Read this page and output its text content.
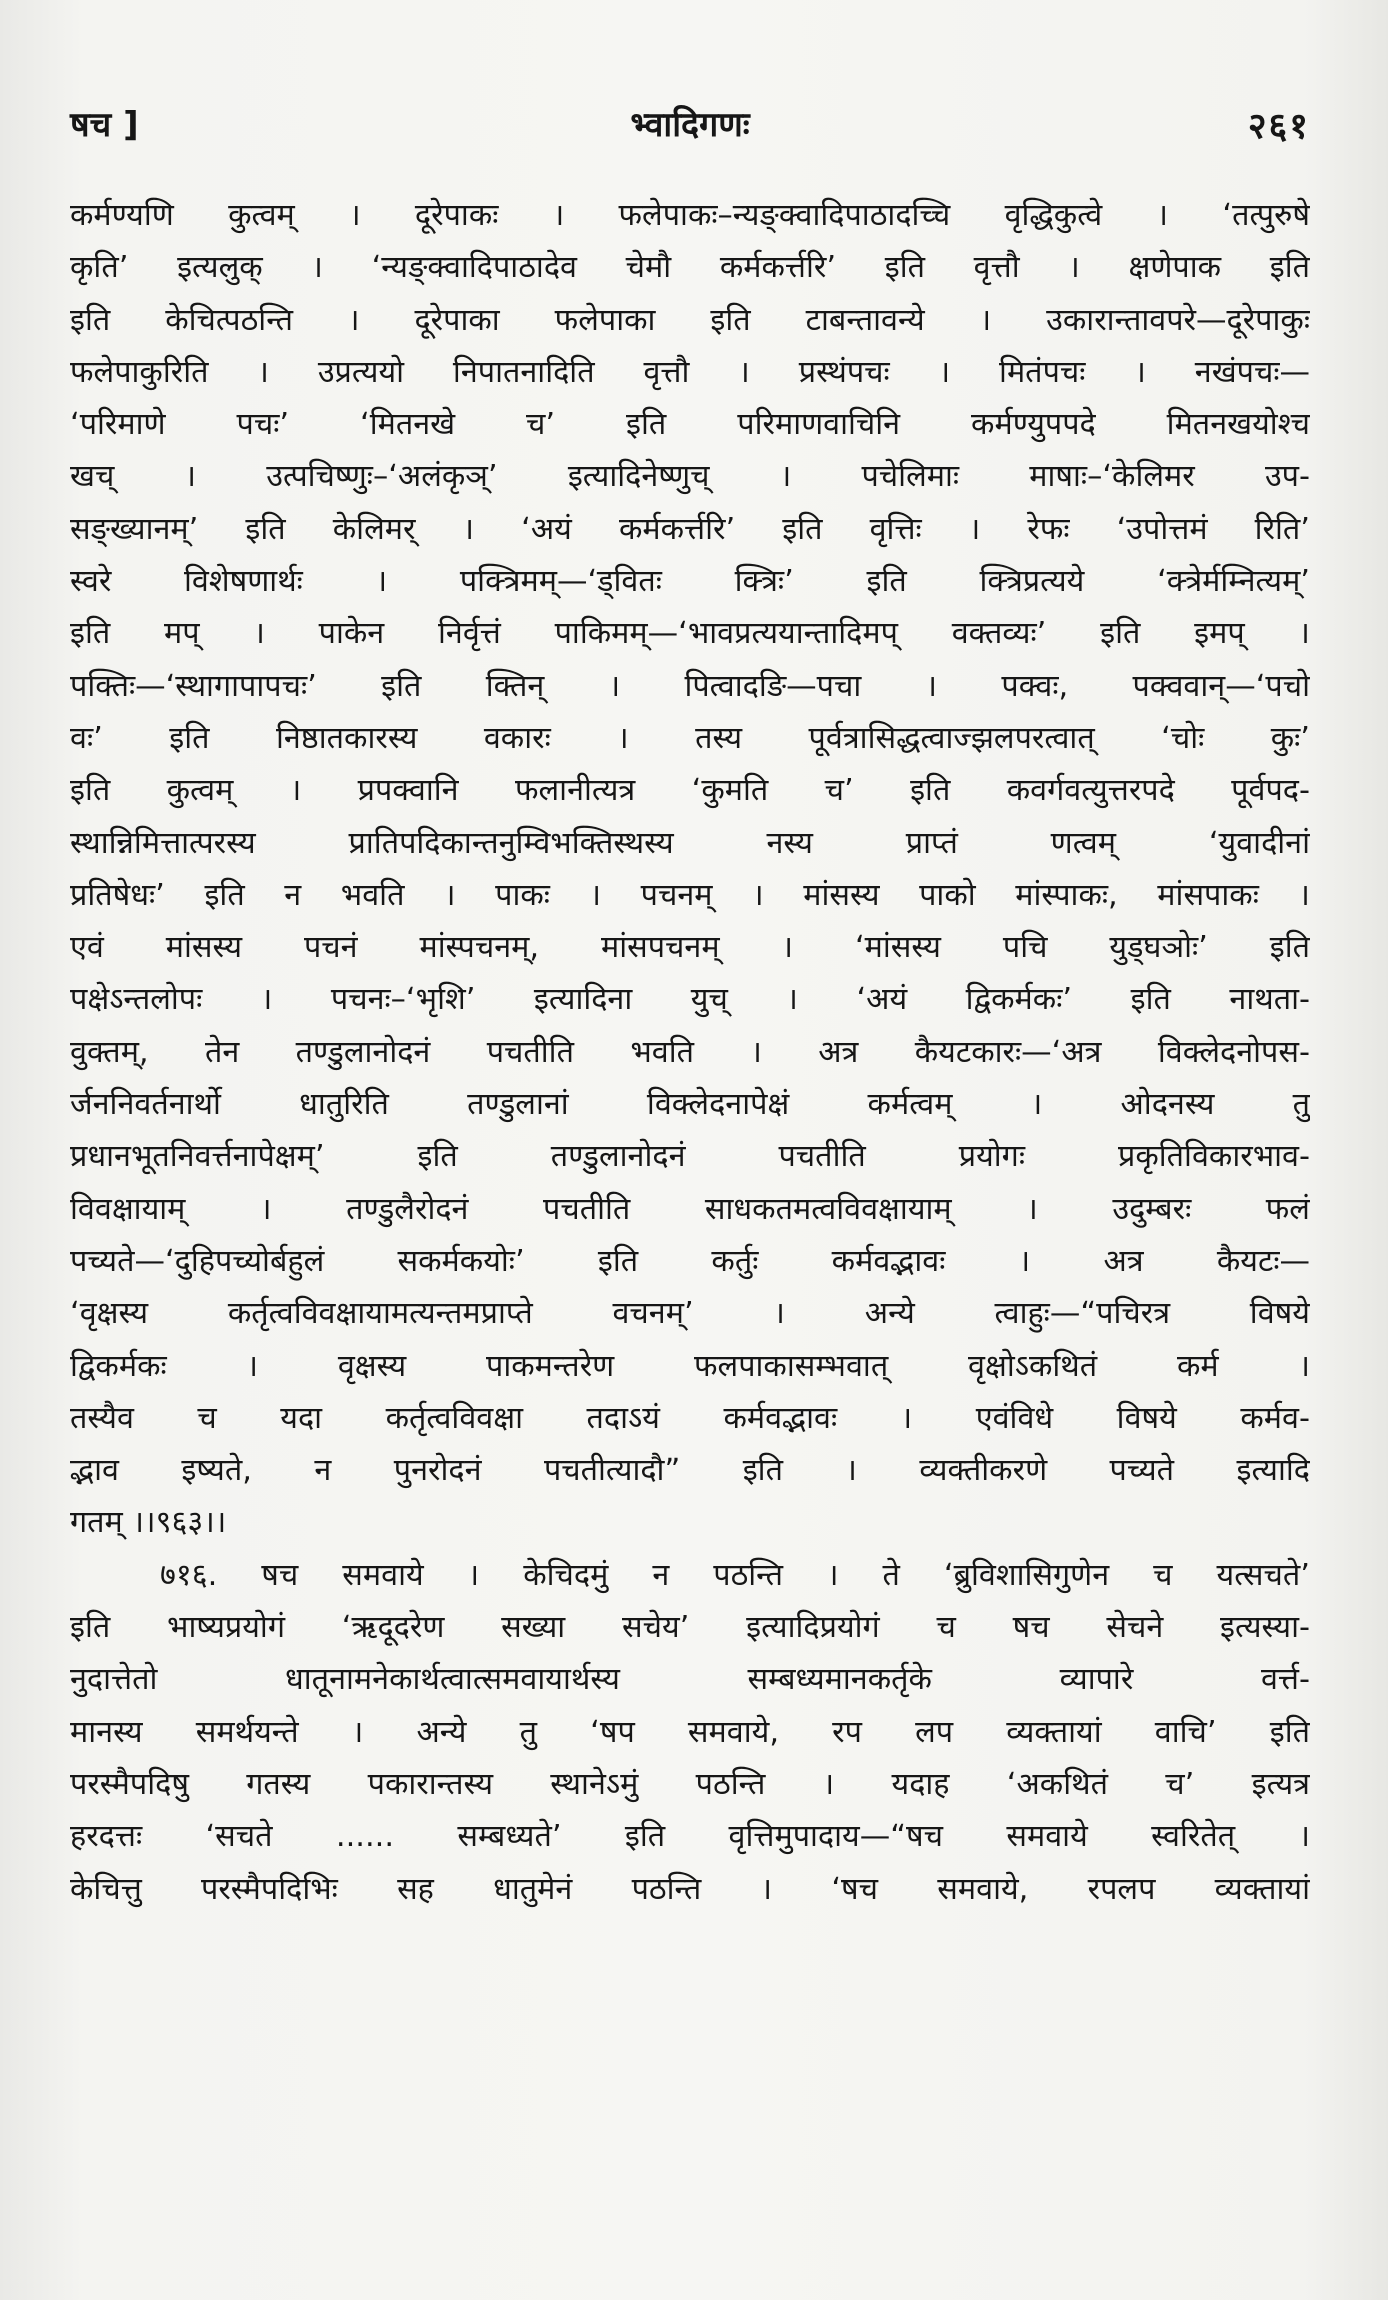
षच ]	भ्वादिगणः	२६१
कर्मण्यणि कुत्वम् । दूरेपाकः । फलेपाकः–न्यङ्क्वादिपाठादच्चि वृद्धिकुत्वे । ‘तत्पुरुषे
कृति’ इत्यलुक् । ‘न्यङ्क्वादिपाठादेव चेमौ कर्मकर्त्तरि’ इति वृत्तौ । क्षणेपाक इति
इति केचित्पठन्ति । दूरेपाका फलेपाका इति टाबन्तावन्ये । उकारान्तावपरे—दूरेपाकुः
फलेपाकुरिति । उप्रत्ययो निपातनादिति वृत्तौ । प्रस्थंपचः । मितंपचः । नखंपचः—
‘परिमाणे पचः’ ‘मितनखे च’ इति परिमाणवाचिनि कर्मण्युपपदे मितनखयोश्च
खच् । उत्पचिष्णुः–‘अलंकृञ्’ इत्यादिनेष्णुच् । पचेलिमाः माषाः–‘केलिमर उप-
सङ्ख्यानम्’ इति केलिमर् । ‘अयं कर्मकर्त्तरि’ इति वृत्तिः । रेफः ‘उपोत्तमं रिति’
स्वरे विशेषणार्थः । पक्त्रिमम्—‘ड्वितः क्त्रिः’ इति क्त्रिप्रत्यये ‘क्त्रेर्मम्नित्यम्’
इति मप् । पाकेन निर्वृत्तं पाकिमम्—‘भावप्रत्ययान्तादिमप् वक्तव्यः’ इति इमप् ।
पक्तिः—‘स्थागापापचः’ इति क्तिन् । पित्वादङि—पचा । पक्वः, पक्ववान्—‘पचो
वः’ इति निष्ठातकारस्य वकारः । तस्य पूर्वत्रासिद्धत्वाज्झलपरत्वात् ‘चोः कुः’
इति कुत्वम् । प्रपक्वानि फलानीत्यत्र ‘कुमति च’ इति कवर्गवत्युत्तरपदे पूर्वपद-
स्थान्निमित्तात्परस्य प्रातिपदिकान्तनुम्विभक्तिस्थस्य नस्य प्राप्तं णत्वम् ‘युवादीनां
प्रतिषेधः’ इति न भवति । पाकः । पचनम् । मांसस्य पाको मांस्पाकः, मांसपाकः ।
एवं मांसस्य पचनं मांस्पचनम्, मांसपचनम् । ‘मांसस्य पचि युड्घञोः’ इति
पक्षेऽन्तलोपः । पचनः–‘भृशि’ इत्यादिना युच् । ‘अयं द्विकर्मकः’ इति नाथता-
वुक्तम्, तेन तण्डुलानोदनं पचतीति भवति । अत्र कैयटकारः—‘अत्र विक्लेदनोपस-
र्जननिवर्तनार्थो धातुरिति तण्डुलानां विक्लेदनापेक्षं कर्मत्वम् । ओदनस्य तु
प्रधानभूतनिवर्त्तनापेक्षम्’ इति तण्डुलानोदनं पचतीति प्रयोगः प्रकृतिविकारभाव-
विवक्षायाम् । तण्डुलैरोदनं पचतीति साधकतमत्वविवक्षायाम् । उदुम्बरः फलं
पच्यते—‘दुहिपच्योर्बहुलं सकर्मकयोः’ इति कर्तुः कर्मवद्भावः । अत्र कैयटः—
‘वृक्षस्य कर्तृत्वविवक्षायामत्यन्तमप्राप्ते वचनम्’ । अन्ये त्वाहुः—“पचिरत्र विषये
द्विकर्मकः । वृक्षस्य पाकमन्तरेण फलपाकासम्भवात् वृक्षोऽकथितं कर्म ।
तस्यैव च यदा कर्तृत्वविवक्षा तदाऽयं कर्मवद्भावः । एवंविधे विषये कर्मव-
द्भाव इष्यते, न पुनरोदनं पचतीत्यादौ” इति । व्यक्तीकरणे पच्यते इत्यादि
गतम् ।।९६३।।
७१६. षच समवाये । केचिदमुं न पठन्ति । ते ‘ब्रुविशासिगुणेन च यत्सचते’
इति भाष्यप्रयोगं ‘ऋदूदरेण सख्या सचेय’ इत्यादिप्रयोगं च षच सेचने इत्यस्या-
नुदात्तेतो धातूनामनेकार्थत्वात्समवायार्थस्य सम्बध्यमानकर्तृके व्यापारे वर्त्त-
मानस्य समर्थयन्ते । अन्ये तु ‘षप समवाये, रप लप व्यक्तायां वाचि’ इति
परस्मैपदिषु गतस्य पकारान्तस्य स्थानेऽमुं पठन्ति । यदाह ‘अकथितं च’ इत्यत्र
हरदत्तः ‘सचते ...... सम्बध्यते’ इति वृत्तिमुपादाय—“षच समवाये स्वरितेत् ।
केचित्तु परस्मैपदिभिः सह धातुमेनं पठन्ति । ‘षच समवाये, रपलप व्यक्तायां
